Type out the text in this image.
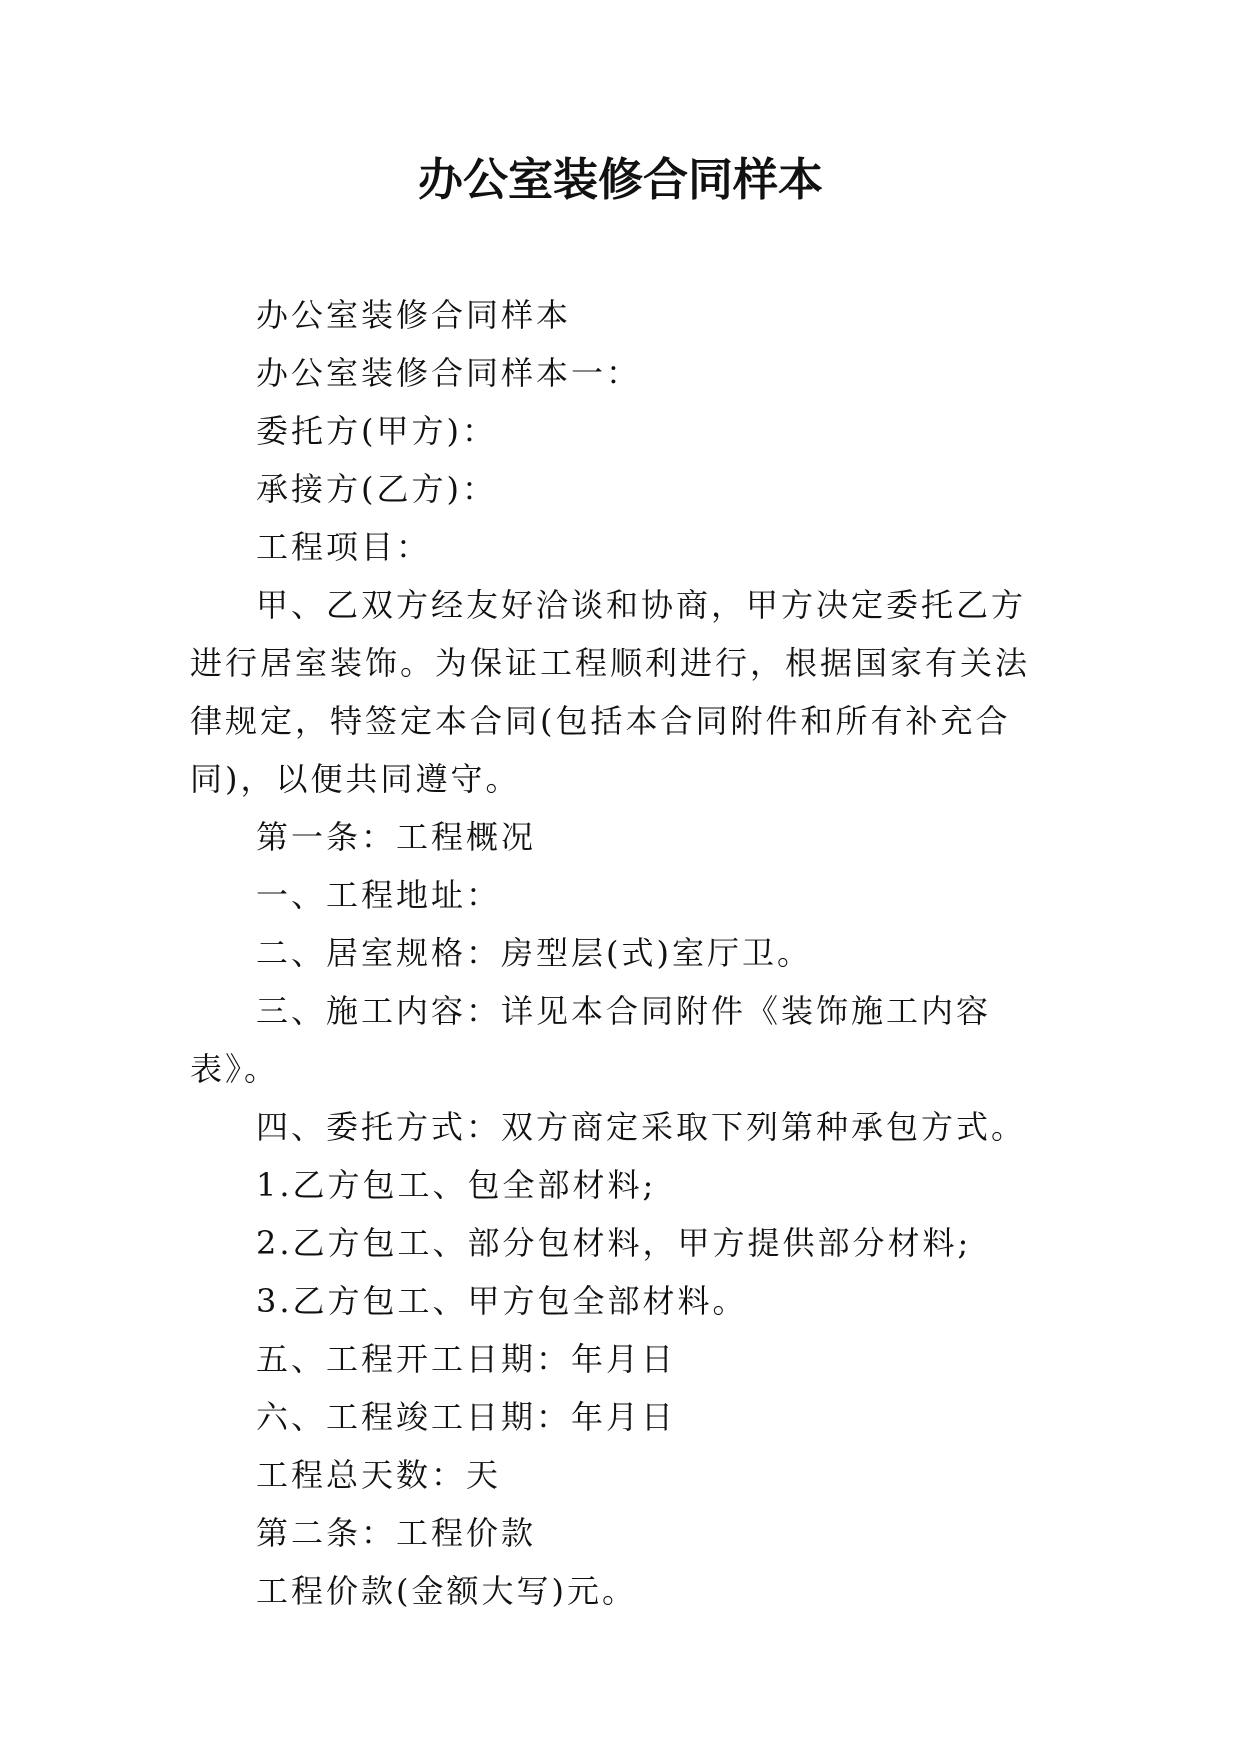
办公室装修合同样本

办公室装修合同样本

办公室装修合同样本一：

委托方(甲方)：

承接方(乙方)：

工程项目：

甲、乙双方经友好洽谈和协商，甲方决定委托乙方进行居室装饰。为保证工程顺利进行，根据国家有关法律规定，特签定本合同(包括本合同附件和所有补充合同)，以便共同遵守。

第一条：工程概况

一、工程地址：

二、居室规格：房型层(式)室厅卫。

三、施工内容：详见本合同附件《装饰施工内容表》。

四、委托方式：双方商定采取下列第种承包方式。

1.乙方包工、包全部材料;

2.乙方包工、部分包材料，甲方提供部分材料;

3.乙方包工、甲方包全部材料。

五、工程开工日期：年月日

六、工程竣工日期：年月日

工程总天数：天

第二条：工程价款

工程价款(金额大写)元。
